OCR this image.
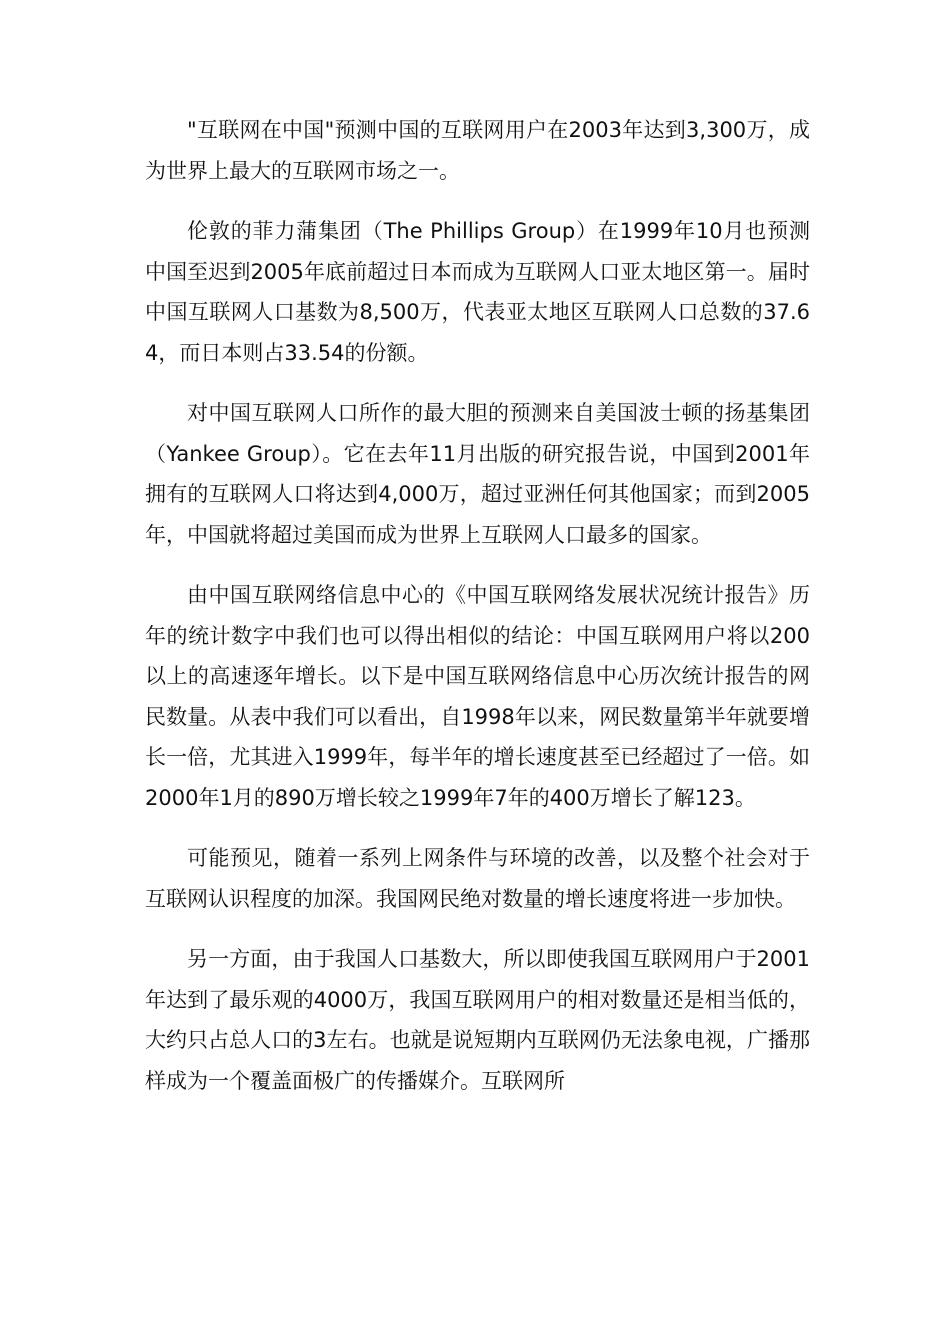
"互联网在中国"预测中国的互联网用户在2003年达到3,300万，成为世界上最大的互联网市场之一。

伦敦的菲力蒲集团（The Phillips Group）在1999年10月也预测中国至迟到2005年底前超过日本而成为互联网人口亚太地区第一。届时中国互联网人口基数为8,500万，代表亚太地区互联网人口总数的37.64，而日本则占33.54的份额。

对中国互联网人口所作的最大胆的预测来自美国波士顿的扬基集团（Yankee Group）。它在去年11月出版的研究报告说，中国到2001年拥有的互联网人口将达到4,000万，超过亚洲任何其他国家；而到2005年，中国就将超过美国而成为世界上互联网人口最多的国家。

由中国互联网络信息中心的《中国互联网络发展状况统计报告》历年的统计数字中我们也可以得出相似的结论：中国互联网用户将以200以上的高速逐年增长。以下是中国互联网络信息中心历次统计报告的网民数量。从表中我们可以看出，自1998年以来，网民数量第半年就要增长一倍，尤其进入1999年，每半年的增长速度甚至已经超过了一倍。如2000年1月的890万增长较之1999年7年的400万增长了解123。

可能预见，随着一系列上网条件与环境的改善，以及整个社会对于互联网认识程度的加深。我国网民绝对数量的增长速度将进一步加快。

另一方面，由于我国人口基数大，所以即使我国互联网用户于2001年达到了最乐观的4000万，我国互联网用户的相对数量还是相当低的，大约只占总人口的3左右。也就是说短期内互联网仍无法象电视，广播那样成为一个覆盖面极广的传播媒介。互联网所
